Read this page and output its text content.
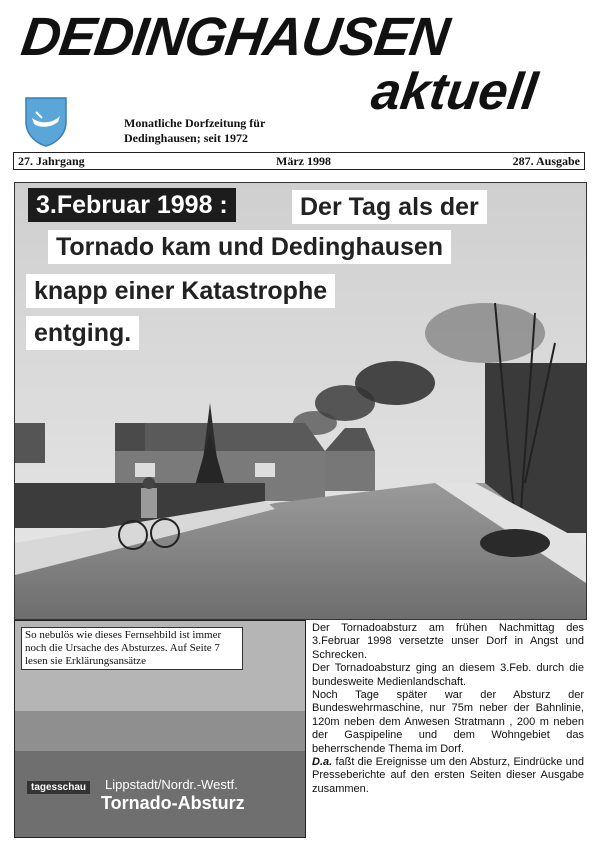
DEDINGHAUSEN
aktuell
Monatliche Dorfzeitung für
Dedinghausen; seit 1972
27. Jahrgang	März 1998	287. Ausgabe
3.Februar 1998 :	Der Tag als der
Tornado kam und Dedinghausen
knapp einer Katastrophe
entging.
So nebulös wie dieses Fernsehbild ist immer noch die Ursache des Absturzes. Auf Seite 7 lesen sie Erklärungsansätze
tagesschau	Lippstadt/Nordr.-Westf.
Tornado-Absturz

Der Tornadoabsturz am frühen Nachmittag des 3.Februar 1998 versetzte unser Dorf in Angst und Schrecken.

Der Tornadoabsturz ging an diesem 3.Feb. durch die bundesweite Medienlandschaft.

Noch Tage später war der Absturz der Bundeswehrmaschine, nur 75m neber der Bahnlinie, 120m neben dem Anwesen Stratmann , 200 m neben der Gaspipeline und dem Wohngebiet das beherrschende Thema im Dorf.

D.a. faßt die Ereignisse um den Absturz, Eindrücke und Presseberichte auf den ersten Seiten dieser Ausgabe zusammen.
